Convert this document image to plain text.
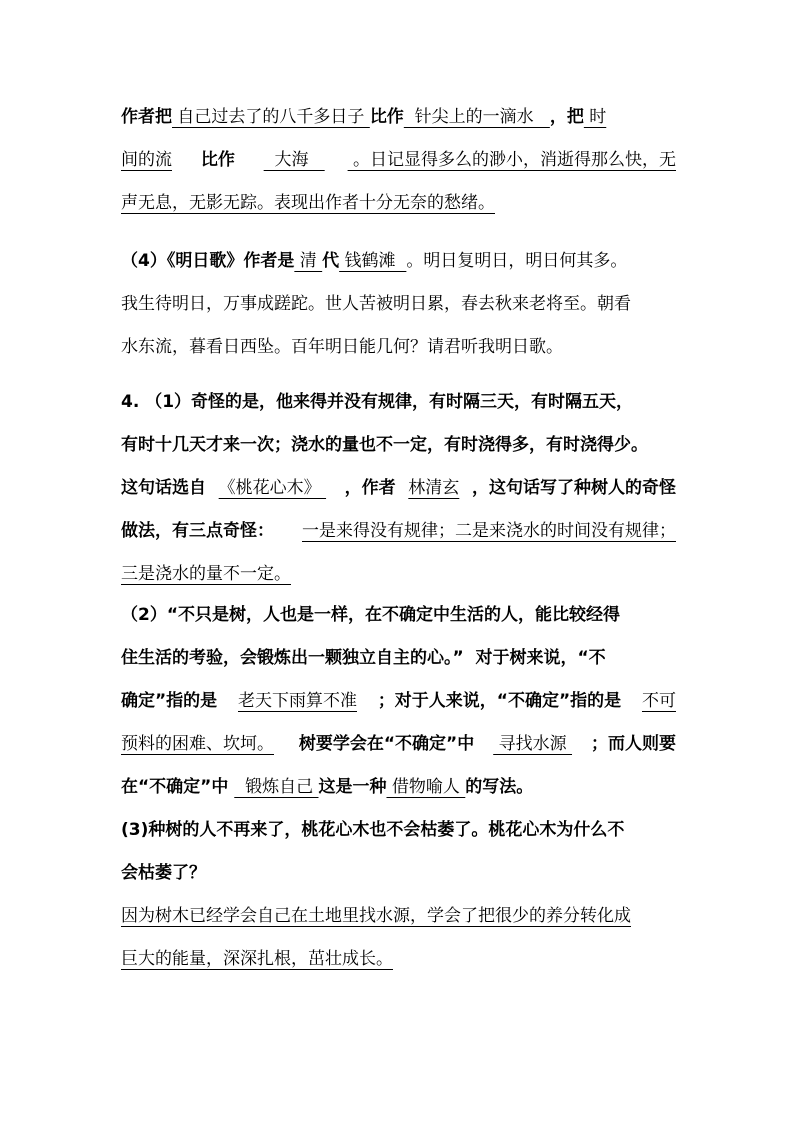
作者把 自己过去了的八千多日子 比作  针尖上的一滴水   ，把 时
间的流 比作 大海 。日记显得多么的渺小，消逝得那么快，无
声无息，无影无踪。表现出作者十分无奈的愁绪。
（4）《明日歌》作者是 清 代 钱鹤滩  。明日复明日，明日何其多。
我生待明日，万事成蹉跎。世人苦被明日累，春去秋来老将至。朝看
水东流，暮看日西坠。百年明日能几何？请君听我明日歌。
4. （1）奇怪的是，他来得并没有规律，有时隔三天，有时隔五天，
有时十几天才来一次；浇水的量也不一定，有时浇得多，有时浇得少。
这句话选自 《桃花心木》 ，作者 林清玄 ，这句话写了种树人的奇怪
做法，有三点奇怪： 一是来得没有规律；二是来浇水的时间没有规律；
三是浇水的量不一定。
（2）“不只是树，人也是一样，在不确定中生活的人，能比较经得
住生活的考验，会锻炼出一颗独立自主的心。”  对于树来说，“不
确定”指的是 老天下雨算不准 ；对于人来说，“不确定”指的是 不可
预料的困难、坎坷。 树要学会在“不确定”中 寻找水源 ；而人则要
在“不确定”中   锻炼自己 这是一种 借物喻人 的写法。
(3)种树的人不再来了，桃花心木也不会枯萎了。桃花心木为什么不
会枯萎了？
因为树木已经学会自己在土地里找水源，学会了把很少的养分转化成
巨大的能量，深深扎根，茁壮成长。
